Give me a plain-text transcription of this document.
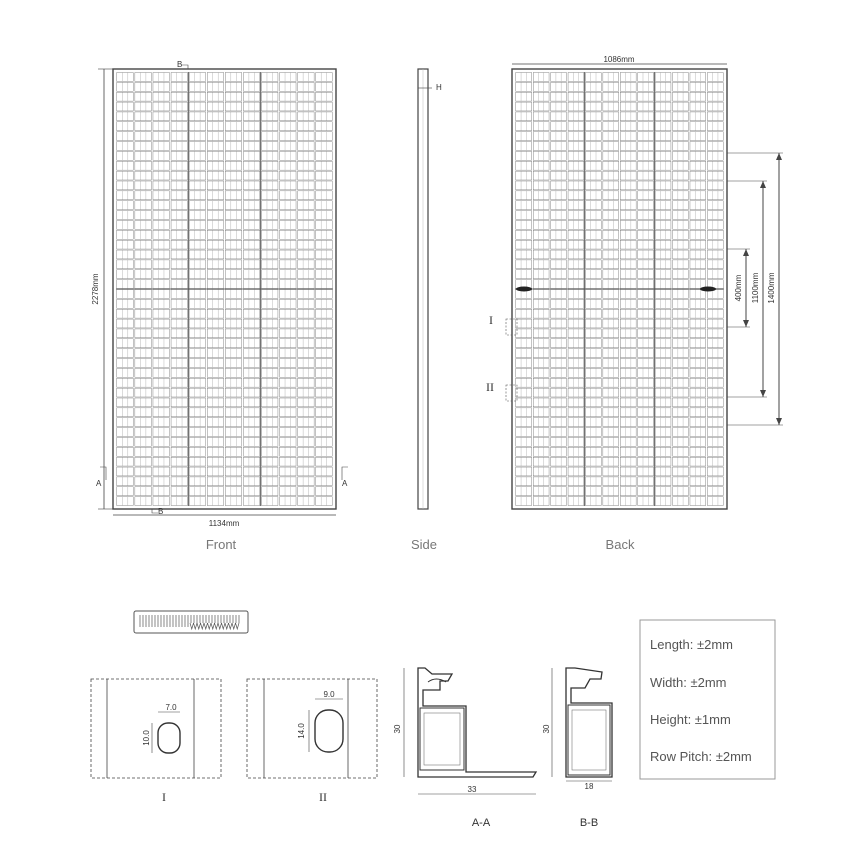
2278mm
1134mm
B
B
A	A
Front
H
Side
1086mm
400mm 1100mm 1400mm
I
II
Back
7.0
10.0
I
9.0
14.0
II
30
33
A-A
30
18
B-B
Length: ±2mm
Width: ±2mm
Height: ±1mm
Row Pitch: ±2mm
